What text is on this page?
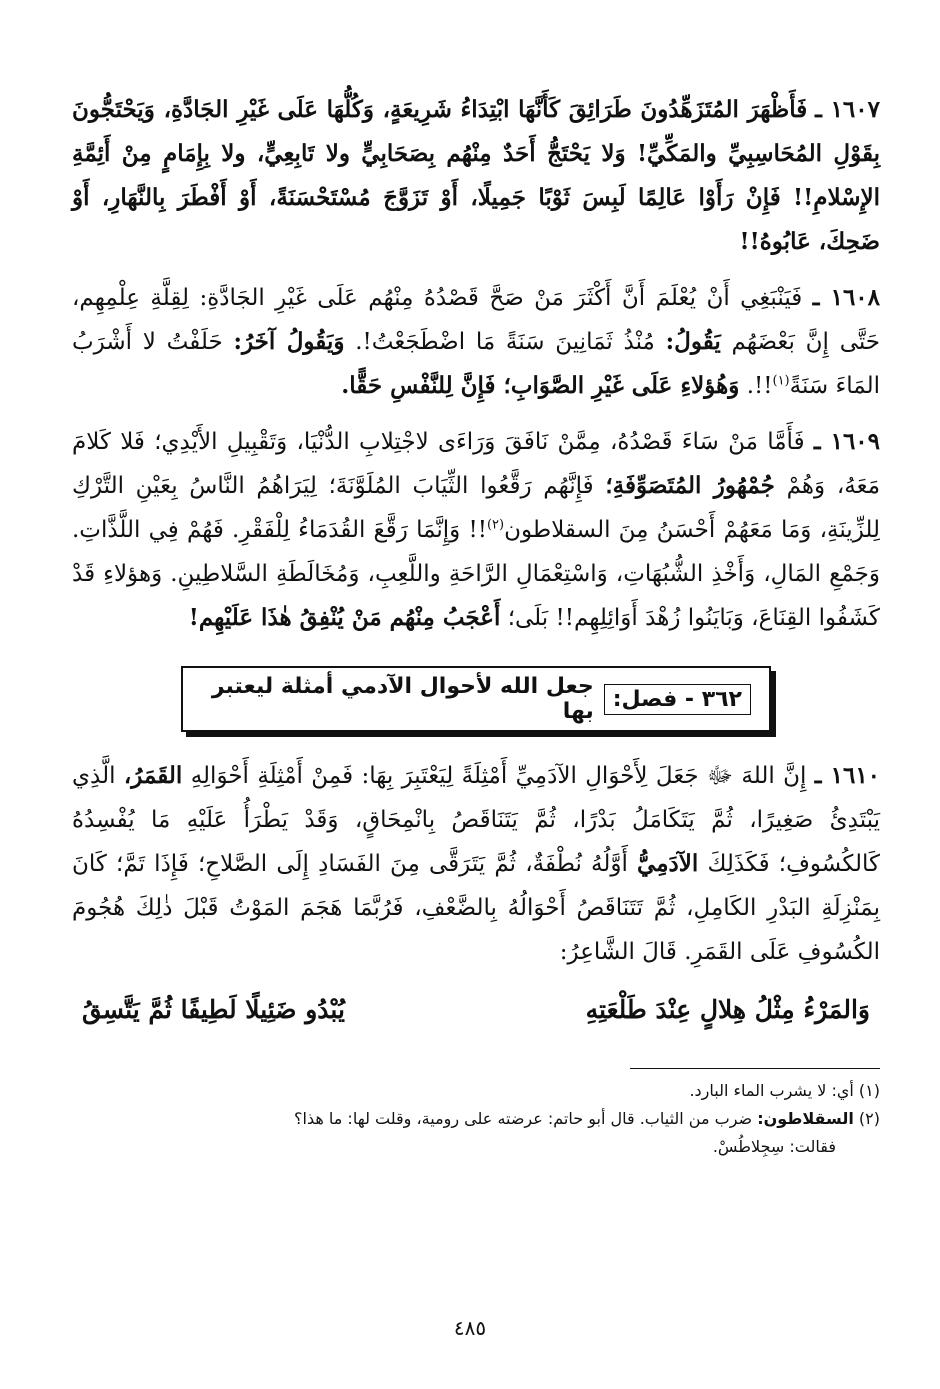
١٦٠٧ ـ فَأَظْهَرَ المُتَزَهِّدُونَ طَرَائِقَ كَأَنَّهَا ابْتِدَاءُ شَرِيعَةٍ، وَكُلُّهَا عَلَى غَيْرِ الجَادَّةِ، وَيَحْتَجُّونَ بِقَوْلِ المُحَاسِبِيِّ والمَكِّيِّ! وَلا يَحْتَجُّ أَحَدٌ مِنْهُم بِصَحَابِيٍّ ولا تَابِعِيٍّ، ولا بِإِمَامٍ مِنْ أَئِمَّةِ الإِسْلامِ!! فَإِنْ رَأَوْا عَالِمًا لَبِسَ ثَوْبًا جَمِيلًا، أَوْ تَزَوَّجَ مُسْتَحْسَنَةً، أَوْ أَفْطَرَ بِالنَّهَارِ، أَوْ ضَحِكَ، عَابُوهُ!!

١٦٠٨ ـ فَيَنْبَغِي أَنْ يُعْلَمَ أَنَّ أَكْثَرَ مَنْ صَحَّ قَصْدُهُ مِنْهُم عَلَى غَيْرِ الجَادَّةِ: لِقِلَّةِ عِلْمِهِم، حَتَّى إِنَّ بَعْضَهُم يَقُولُ: مُنْذُ ثَمَانِينَ سَنَةً مَا اضْطَجَعْتُ!. وَيَقُولُ آخَرُ: حَلَفْتُ لا أَشْرَبُ المَاءَ سَنَةً$^{(١)}$!!. وَهُؤلاءِ عَلَى غَيْرِ الصَّوَابِ؛ فَإِنَّ لِلنَّفْسِ حَقًّا.

١٦٠٩ ـ فَأَمَّا مَنْ سَاءَ قَصْدُهُ، مِمَّنْ نَافَقَ وَرَاءَى لاجْتِلابِ الدُّنْيَا، وَتَقْبِيلِ الأَيْدِي؛ فَلا كَلامَ مَعَهُ، وَهُمْ جُمْهُورُ المُتَصَوِّفَةِ؛ فَإِنَّهُم رَقَّعُوا الثِّيَابَ المُلَوَّنَةَ؛ لِيَرَاهُمُ النَّاسُ بِعَيْنِ التَّرْكِ لِلزِّينَةِ، وَمَا مَعَهُمْ أَحْسَنُ مِنَ السقلاطون$^{(٢)}$!! وَإِنَّمَا رَقَّعَ القُدَمَاءُ لِلْفَقْرِ. فَهُمْ فِي اللَّذَّاتِ. وَجَمْعِ المَالِ، وَأَخْذِ الشُّبُهَاتِ، وَاسْتِعْمَالِ الرَّاحَةِ واللَّعِبِ، وَمُخَالَطَةِ السَّلاطِينِ. وَهؤلاءِ قَدْ كَشَفُوا القِنَاعَ، وَبَايَنُوا زُهْدَ أَوَائِلِهِم!! بَلَى؛ أَعْجَبُ مِنْهُم مَنْ يُنْفِقُ هٰذَا عَلَيْهِم!

٣٦٢ - فصل:
جعل الله لأحوال الآدمي أمثلة ليعتبر بها

١٦١٠ ـ إِنَّ اللهَ ﷻ جَعَلَ لِأَحْوَالِ الآدَمِيِّ أَمْثِلَةً لِيَعْتَبِرَ بِهَا: فَمِنْ أَمْثِلَةِ أَحْوَالِهِ القَمَرُ، الَّذِي يَبْتَدِئُ صَغِيرًا، ثُمَّ يَتَكَامَلُ بَدْرًا، ثُمَّ يَتَنَاقَصُ بِانْمِحَاقٍ، وَقَدْ يَطْرَأُ عَلَيْهِ مَا يُفْسِدُهُ كَالكُسُوفِ؛ فَكَذَلِكَ الآدَمِيُّ أَوَّلُهُ نُطْفَةٌ، ثُمَّ يَتَرَقَّى مِنَ الفَسَادِ إِلَى الصَّلاحِ؛ فَإِذَا تَمَّ؛ كَانَ بِمَنْزِلَةِ البَدْرِ الكَامِلِ، ثُمَّ تَتَنَاقَصُ أَحْوَالُهُ بِالضَّعْفِ، فَرُبَّمَا هَجَمَ المَوْتُ قَبْلَ ذٰلِكَ هُجُومَ الكُسُوفِ عَلَى القَمَرِ. قَالَ الشَّاعِرُ:

وَالمَرْءُ مِثْلُ هِلالٍ عِنْدَ طَلْعَتِهِ
يُبْدُو ضَئِيلًا لَطِيفًا ثُمَّ يَتَّسِقُ

(١) أي: لا يشرب الماء البارد.

(٢) السقلاطون: ضرب من الثياب. قال أبو حاتم: عرضته على رومية، وقلت لها: ما هذا؟

فقالت: سِجِلاطُسْ.

٤٨٥
